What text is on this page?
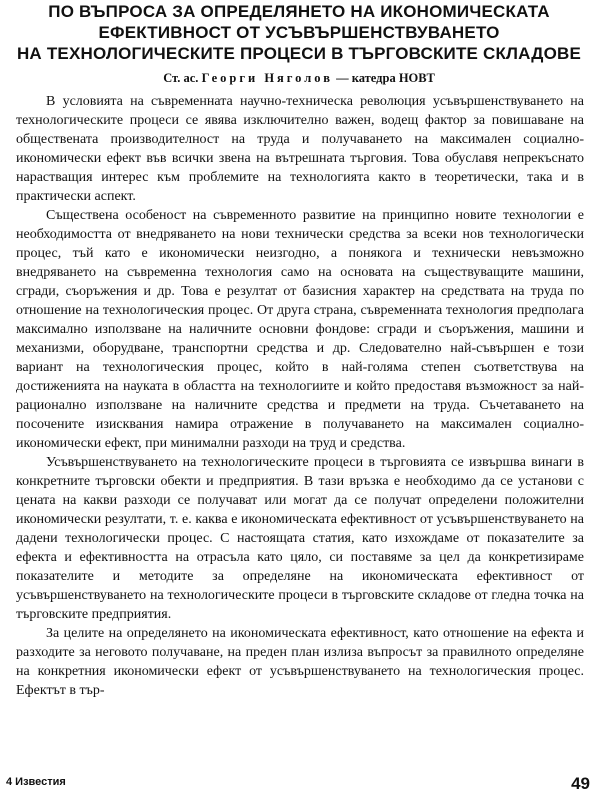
ПО ВЪПРОСА ЗА ОПРЕДЕЛЯНЕТО НА ИКОНОМИЧЕСКАТА
ЕФЕКТИВНОСТ ОТ УСЪВЪРШЕНСТВУВАНЕТО
НА ТЕХНОЛОГИЧЕСКИТЕ ПРОЦЕСИ В ТЪРГОВСКИТЕ СКЛАДОВЕ
Ст. ас. Георги Няголов — катедра НОВТ

В условията на съвременната научно-техническа революция усъвършенствуването на технологическите процеси се явява изключително важен, водещ фактор за повишаване на обществената производителност на труда и получаването на максимален социално-икономически ефект във всички звена на вътрешната търговия. Това обуславя непрекъснато нарастващия интерес към проблемите на технологията както в теоретически, така и в практически аспект.

Съществена особеност на съвременното развитие на принципно новите технологии е необходимостта от внедряването на нови технически средства за всеки нов технологически процес, тъй като е икономически неизгодно, а понякога и технически невъзможно внедряването на съвременна технология само на основата на съществуващите машини, сгради, съоръжения и др. Това е резултат от базисния характер на средствата на труда по отношение на технологическия процес. От друга страна, съвременната технология предполага максимално използване на наличните основни фондове: сгради и съоръжения, машини и механизми, оборудване, транспортни средства и др. Следователно най-съвършен е този вариант на технологическия процес, който в най-голяма степен съответствува на достиженията на науката в областта на технологиите и който предоставя възможност за най-рационално използване на наличните средства и предмети на труда. Съчетаването на посочените изисквания намира отражение в получаването на максимален социално-икономически ефект, при минимални разходи на труд и средства.

Усъвършенствуването на технологическите процеси в търговията се извършва винаги в конкретните търговски обекти и предприятия. В тази връзка е необходимо да се установи с цената на какви разходи се получават или могат да се получат определени положителни икономически резултати, т. е. каква е икономическата ефективност от усъвършенствуването на дадени технологически процес. С настоящата статия, като изхождаме от показателите за ефекта и ефективността на отрасъла като цяло, си поставяме за цел да конкретизираме показателите и методите за определяне на икономическата ефективност от усъвършенствуването на технологическите процеси в търговските складове от гледна точка на търговските предприятия.

За целите на определянето на икономическата ефективност, като отношение на ефекта и разходите за неговото получаване, на преден план излиза въпросът за правилното определяне на конкретния икономически ефект от усъвършенствуването на технологическия процес. Ефектът в тър-

4 Известия	49
